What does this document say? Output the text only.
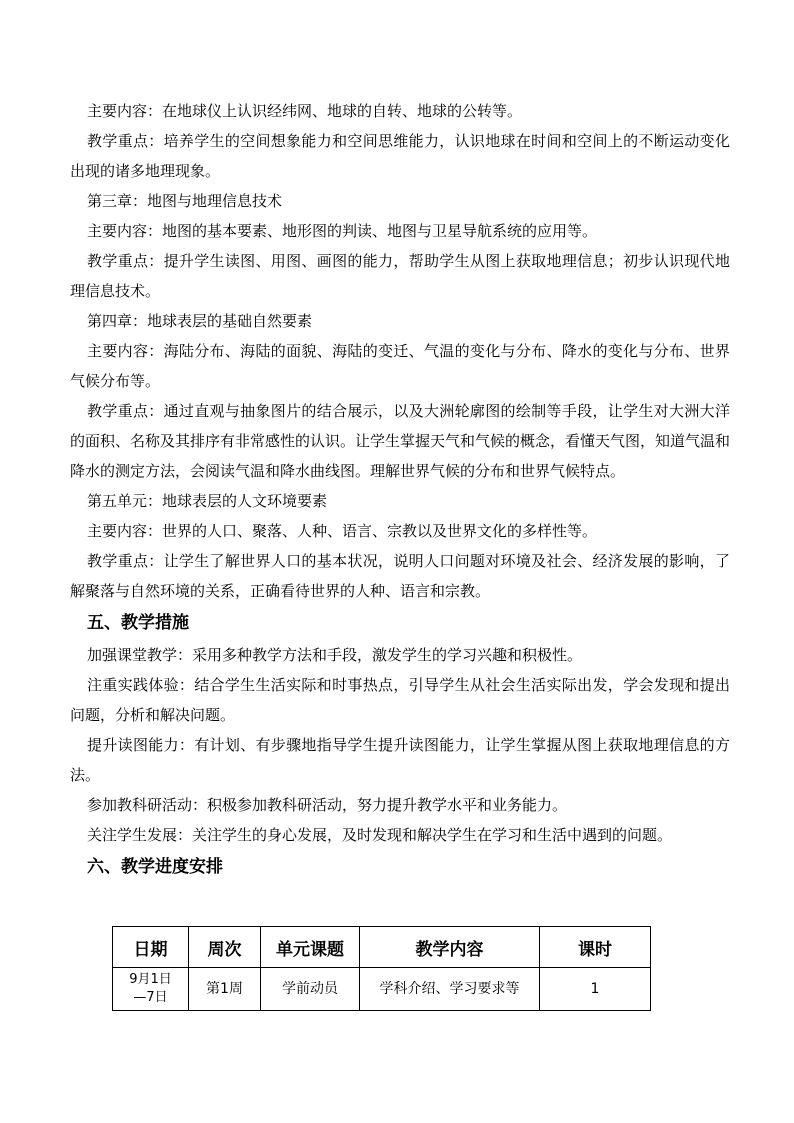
主要内容：在地球仪上认识经纬网、地球的自转、地球的公转等。

教学重点：培养学生的空间想象能力和空间思维能力，认识地球在时间和空间上的不断运动变化出现的诸多地理现象。

第三章：地图与地理信息技术

主要内容：地图的基本要素、地形图的判读、地图与卫星导航系统的应用等。

教学重点：提升学生读图、用图、画图的能力，帮助学生从图上获取地理信息；初步认识现代地理信息技术。

第四章：地球表层的基础自然要素

主要内容：海陆分布、海陆的面貌、海陆的变迁、气温的变化与分布、降水的变化与分布、世界气候分布等。

教学重点：通过直观与抽象图片的结合展示，以及大洲轮廓图的绘制等手段，让学生对大洲大洋的面积、名称及其排序有非常感性的认识。让学生掌握天气和气候的概念，看懂天气图，知道气温和降水的测定方法，会阅读气温和降水曲线图。理解世界气候的分布和世界气候特点。

第五单元：地球表层的人文环境要素

主要内容：世界的人口、聚落、人种、语言、宗教以及世界文化的多样性等。

教学重点：让学生了解世界人口的基本状况，说明人口问题对环境及社会、经济发展的影响，了解聚落与自然环境的关系，正确看待世界的人种、语言和宗教。

五、教学措施

加强课堂教学：采用多种教学方法和手段，激发学生的学习兴趣和积极性。

注重实践体验：结合学生生活实际和时事热点，引导学生从社会生活实际出发，学会发现和提出问题，分析和解决问题。

提升读图能力：有计划、有步骤地指导学生提升读图能力，让学生掌握从图上获取地理信息的方法。

参加教科研活动：积极参加教科研活动，努力提升教学水平和业务能力。

关注学生发展：关注学生的身心发展，及时发现和解决学生在学习和生活中遇到的问题。

六、教学进度安排
日期	周次	单元课题	教学内容	课时

9月1日
—7日	第1周	学前动员	学科介绍、学习要求等	1
